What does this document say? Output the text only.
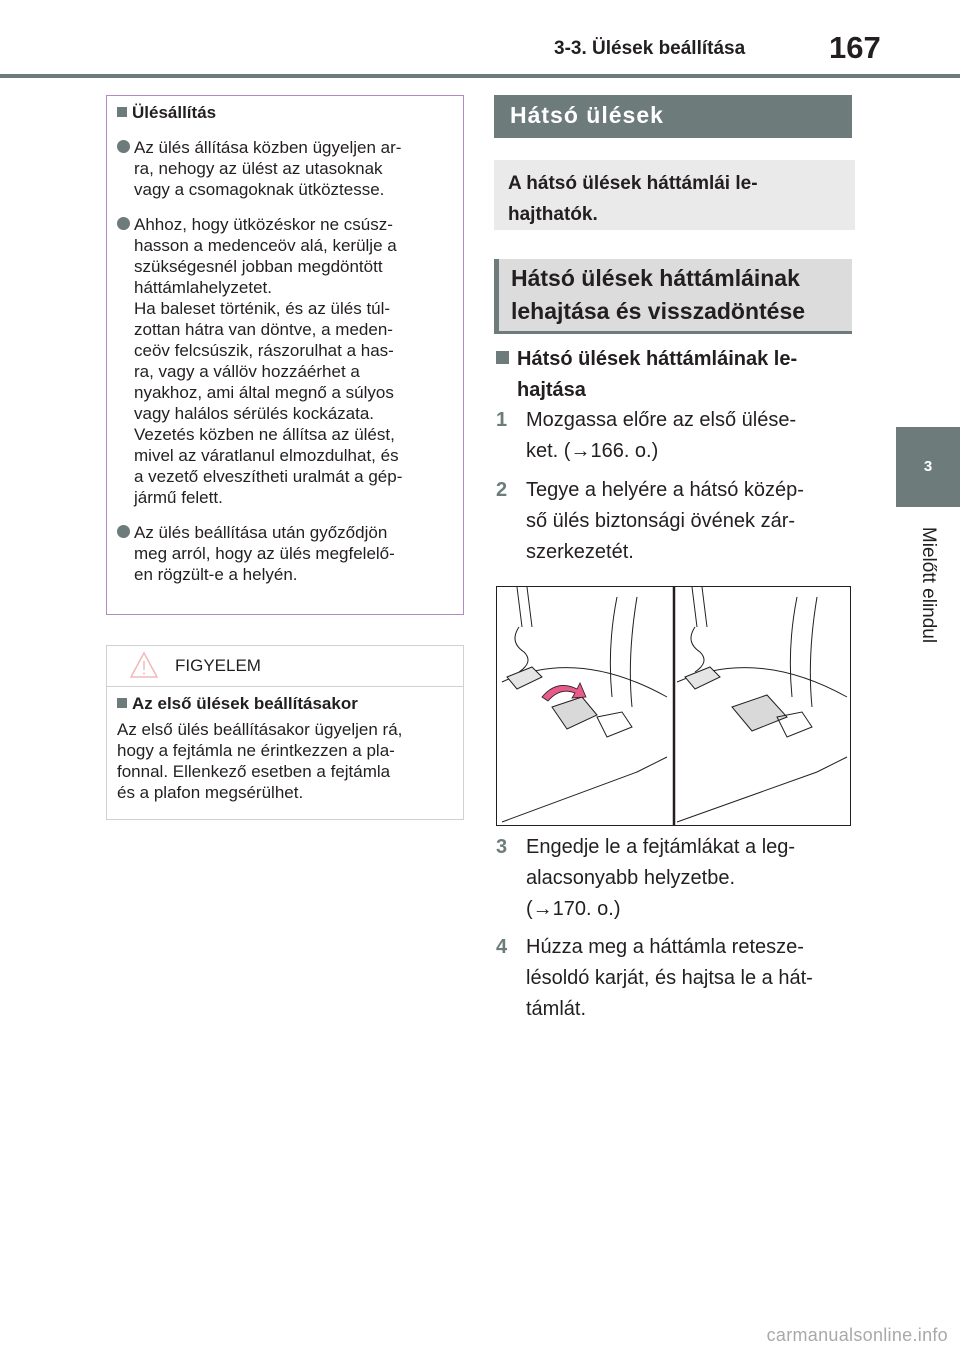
3-3. Ülések beállítása	167
3
Mielőtt elindul
Ülésállítás
Az ülés állítása közben ügyeljen ar-
ra, nehogy az ülést az utasoknak
vagy a csomagoknak ütköztesse.
Ahhoz, hogy ütközéskor ne csúsz-
hasson a medenceöv alá, kerülje a
szükségesnél jobban megdöntött
háttámlahelyzetet.
Ha baleset történik, és az ülés túl-
zottan hátra van döntve, a meden-
ceöv felcsúszik, rászorulhat a has-
ra, vagy a vállöv hozzáérhet a
nyakhoz, ami által megnő a súlyos
vagy halálos sérülés kockázata.
Vezetés közben ne állítsa az ülést,
mivel az váratlanul elmozdulhat, és
a vezető elveszítheti uralmát a gép-
jármű felett.
Az ülés beállítása után győződjön
meg arról, hogy az ülés megfelelő-
en rögzült-e a helyén.
FIGYELEM
Az első ülések beállításakor
Az első ülés beállításakor ügyeljen rá,
hogy a fejtámla ne érintkezzen a pla-
fonnal. Ellenkező esetben a fejtámla
és a plafon megsérülhet.
Hátsó ülések
A hátsó ülések háttámlái le-
hajthatók.
Hátsó ülések háttámláinak
lehajtása és visszadöntése
Hátsó ülések háttámláinak le-
hajtása
1 Mozgassa előre az első ülése-
ket. (→166. o.)
2 Tegye a helyére a hátsó közép-
ső ülés biztonsági övének zár-
szerkezetét.
3 Engedje le a fejtámlákat a leg-
alacsonyabb helyzetbe.
(→170. o.)
4 Húzza meg a háttámla retesze-
lésoldó karját, és hajtsa le a hát-
támlát.
carmanualsonline.info
